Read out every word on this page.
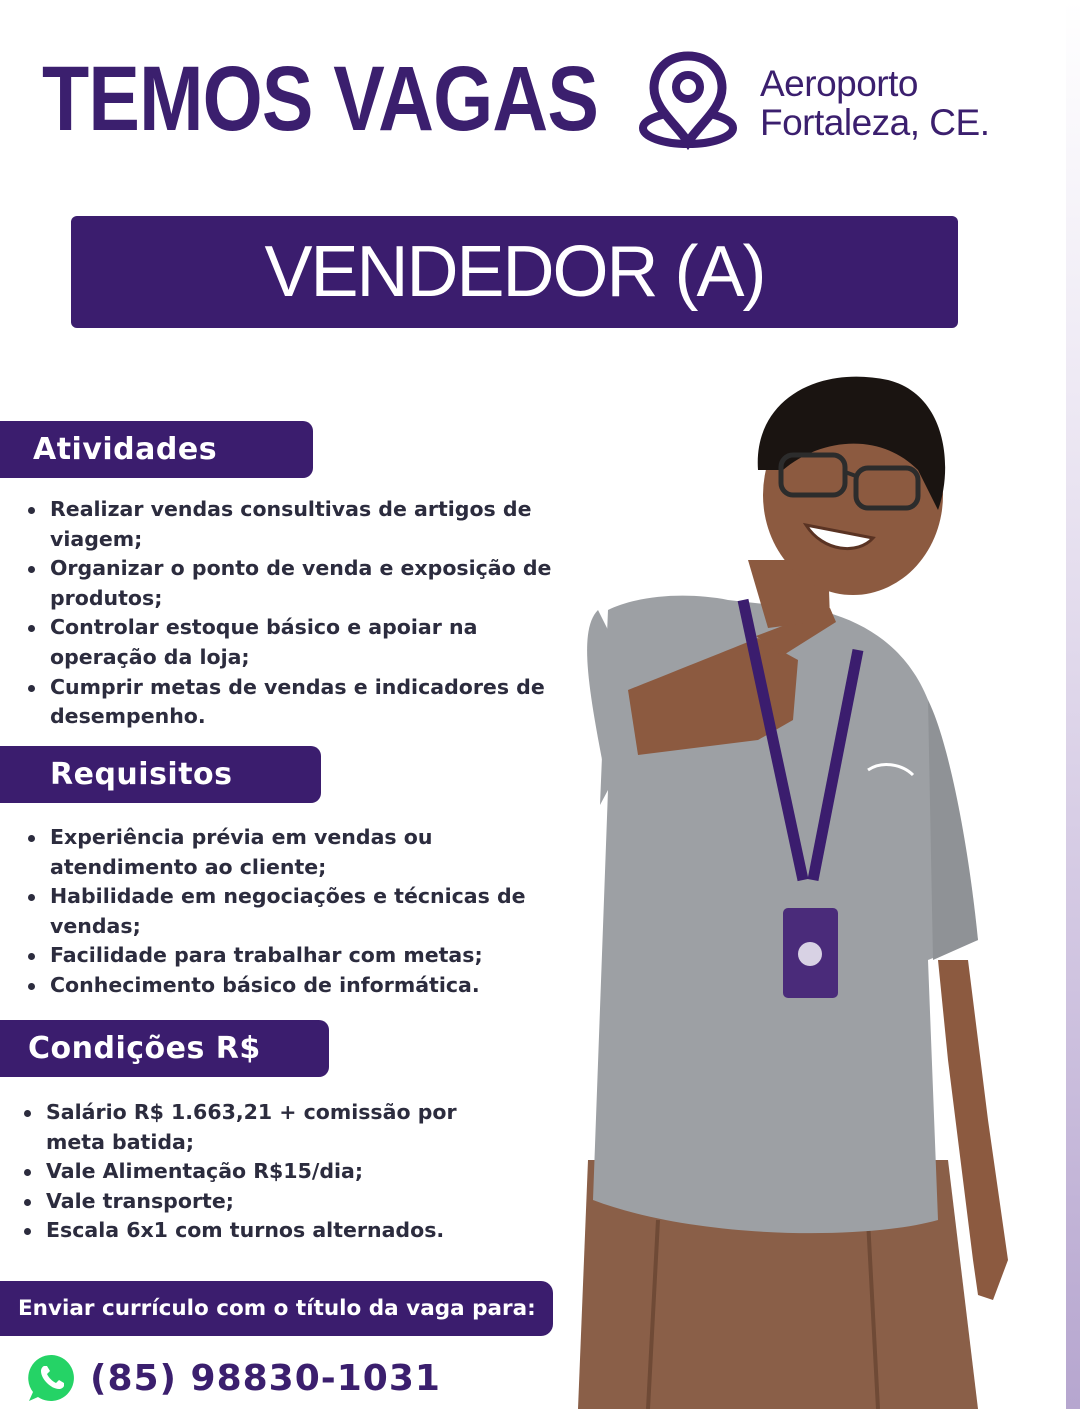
TEMOS VAGAS	Aeroporto
Fortaleza, CE.
VENDEDOR (A)
Atividades
Realizar vendas consultivas de artigos de viagem;
Organizar o ponto de venda e exposição de produtos;
Controlar estoque básico e apoiar na operação da loja;
Cumprir metas de vendas e indicadores de desempenho.
Requisitos
Experiência prévia em vendas ou atendimento ao cliente;
Habilidade em negociações e técnicas de vendas;
Facilidade para trabalhar com metas;
Conhecimento básico de informática.
Condições R$
Salário R$ 1.663,21 + comissão por meta batida;
Vale Alimentação R$15/dia;
Vale transporte;
Escala 6x1 com turnos alternados.
Enviar currículo com o título da vaga para:
(85) 98830-1031
